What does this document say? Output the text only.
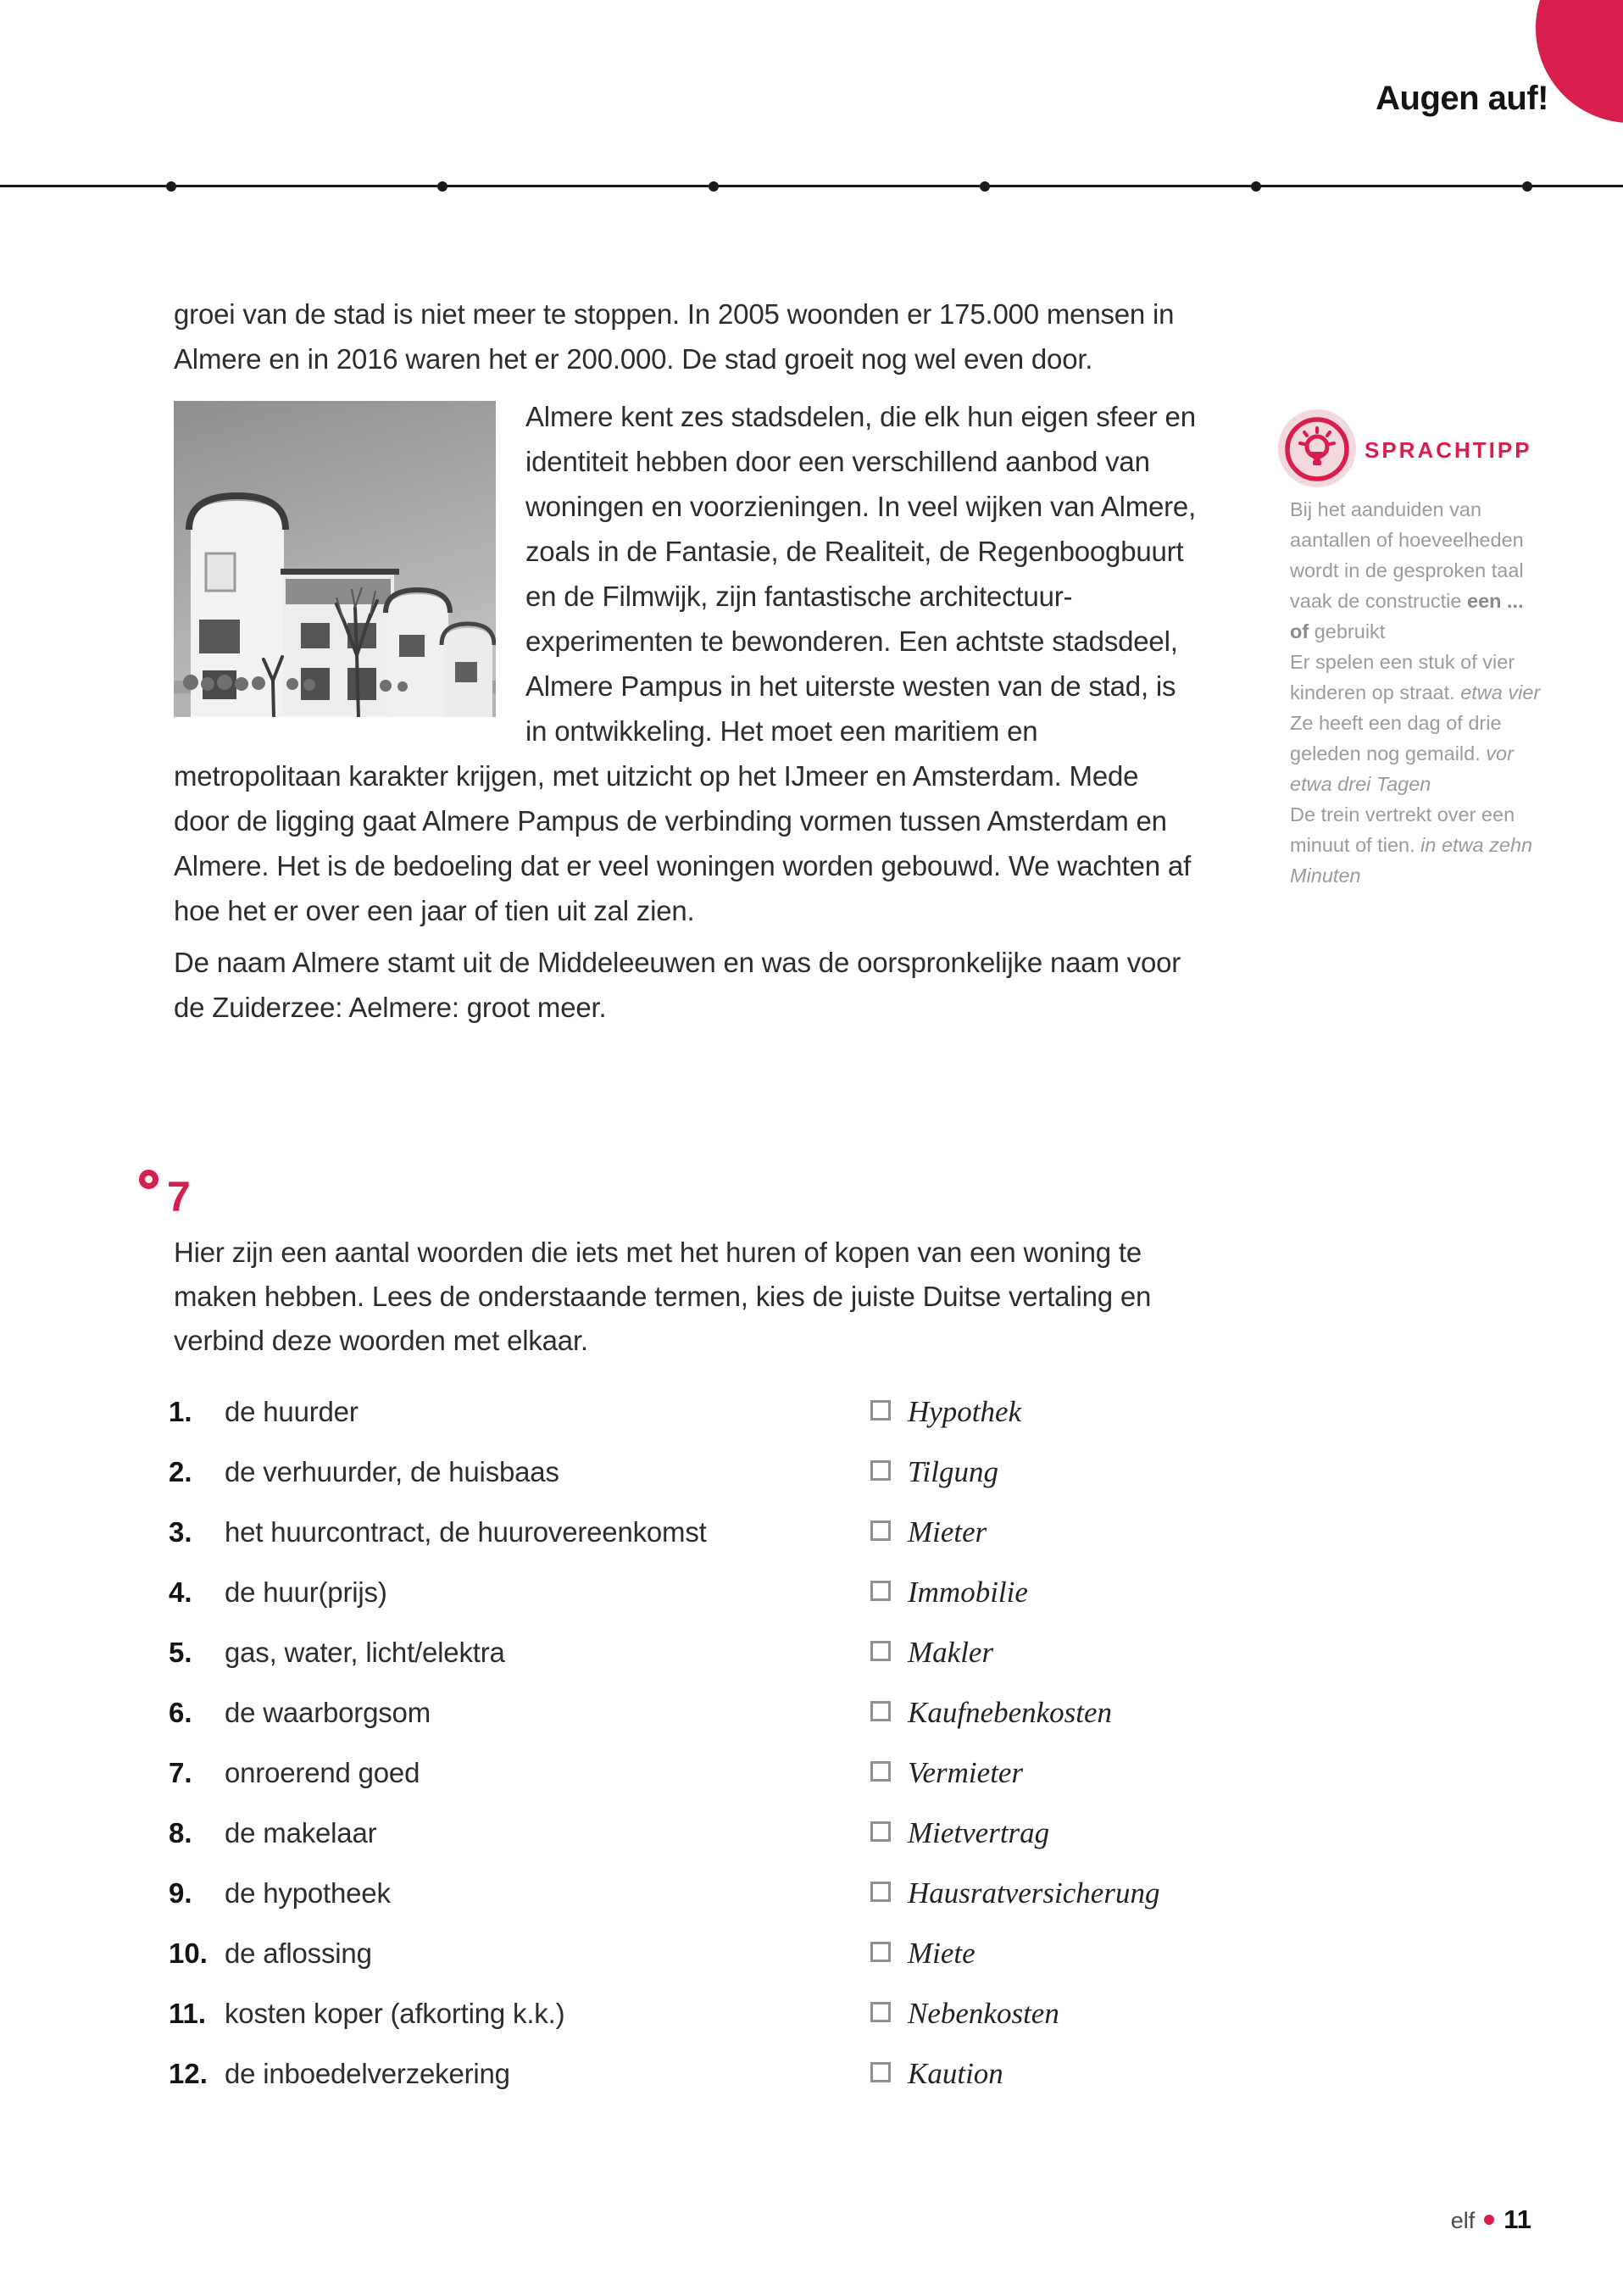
Augen auf!

groei van de stad is niet meer te stoppen. In 2005 woonden er 175.000 mensen in Almere en in 2016 waren het er 200.000. De stad groeit nog wel even door.

Almere kent zes stadsdelen, die elk hun eigen sfeer en identiteit hebben door een verschillend aanbod van woningen en voorzieningen. In veel wijken van Almere, zoals in de Fantasie, de Realiteit, de Regenboogbuurt en de Filmwijk, zijn fantastische architectuur-experimenten te bewonderen. Een achtste stadsdeel, Almere Pampus in het uiterste westen van de stad, is in ontwikkeling. Het moet een maritiem en metropolitaan karakter krijgen, met uitzicht op het IJmeer en Amsterdam. Mede door de ligging gaat Almere Pampus de verbinding vormen tussen Amsterdam en Almere. Het is de bedoeling dat er veel woningen worden gebouwd. We wachten af hoe het er over een jaar of tien uit zal zien.

De naam Almere stamt uit de Middeleeuwen en was de oorspronkelijke naam voor de Zuiderzee: Aelmere: groot meer.

SPRACHTIPP

Bij het aanduiden van aantallen of hoeveelheden wordt in de gesproken taal vaak de constructie een ... of gebruikt

Er spelen een stuk of vier kinderen op straat. etwa vier

Ze heeft een dag of drie geleden nog gemaild. vor etwa drei Tagen

De trein vertrekt over een minuut of tien. in etwa zehn Minuten

7
Hier zijn een aantal woorden die iets met het huren of kopen van een woning te maken hebben. Lees de onderstaande termen, kies de juiste Duitse vertaling en verbind deze woorden met elkaar.
1.	de huurder	Hypothek
2.	de verhuurder, de huisbaas	Tilgung
3.	het huurcontract, de huurovereenkomst	Mieter
4.	de huur(prijs)	Immobilie
5.	gas, water, licht/elektra	Makler
6.	de waarborgsom	Kaufnebenkosten
7.	onroerend goed	Vermieter
8.	de makelaar	Mietvertrag
9.	de hypotheek	Hausratversicherung
10. de aflossing	Miete
11. kosten koper (afkorting k.k.)	Nebenkosten
12. de inboedelverzekering	Kaution
elf 11
